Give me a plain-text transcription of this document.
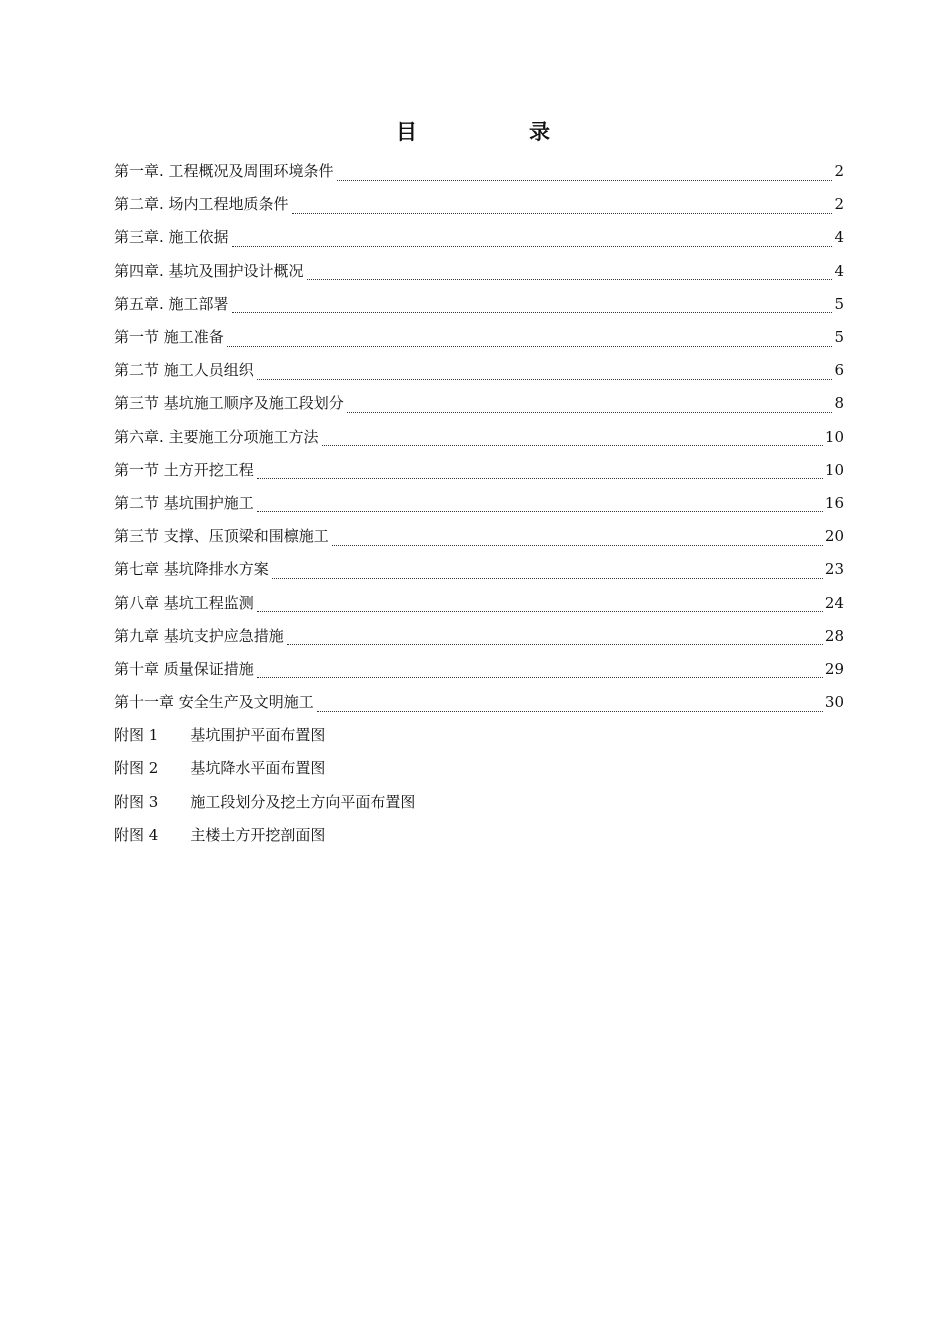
目	录
第一章. 工程概况及周围环境条件	2
第二章. 场内工程地质条件	2
第三章. 施工依据	4
第四章. 基坑及围护设计概况	4
第五章. 施工部署	5
第一节 施工准备	5
第二节 施工人员组织	6
第三节 基坑施工顺序及施工段划分	8
第六章. 主要施工分项施工方法	10
第一节 土方开挖工程	10
第二节 基坑围护施工	16
第三节 支撑、压顶梁和围檩施工	20
第七章 基坑降排水方案	23
第八章 基坑工程监测	24
第九章 基坑支护应急措施	28
第十章 质量保证措施	29
第十一章 安全生产及文明施工	30
附图 1 基坑围护平面布置图
附图 2 基坑降水平面布置图
附图 3 施工段划分及挖土方向平面布置图
附图 4 主楼土方开挖剖面图
